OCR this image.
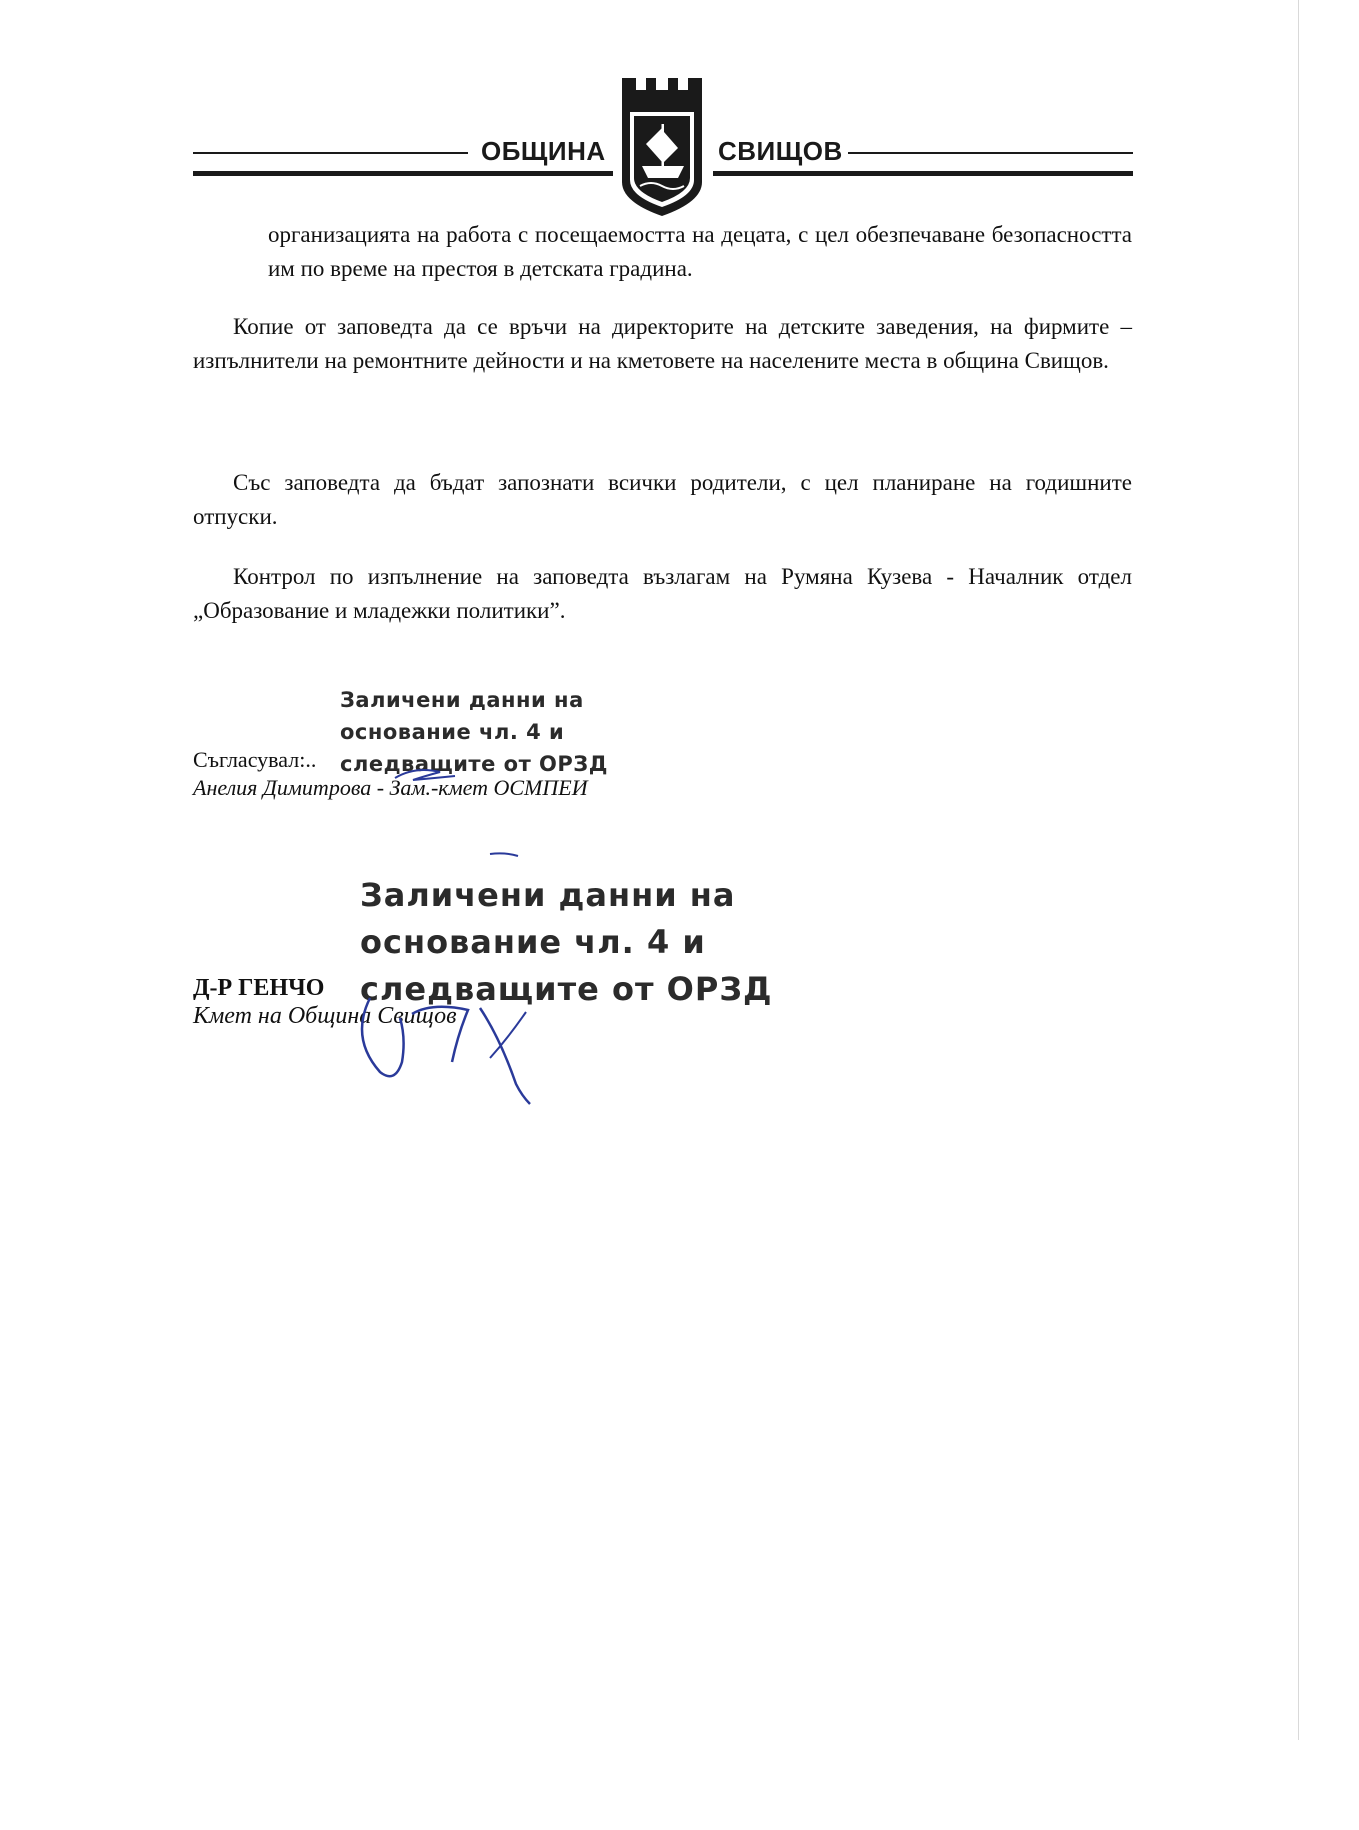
ОБЩИНА	СВИЩОВ
организацията на работа с посещаемостта на децата, с цел обезпечаване безопасността им по време на престоя в детската градина.
Копие от заповедта да се връчи на директорите на детските заведения, на фирмите – изпълнители на ремонтните дейности и на кметовете на населените места в община Свищов.
Със заповедта да бъдат запознати всички родители, с цел планиране на годишните отпуски.
Контрол по изпълнение на заповедта възлагам на Румяна Кузева - Началник отдел „Образование и младежки политики”.
Заличени данни на
основание чл. 4 и
следващите от ОРЗД
Съгласувал:..
Анелия Димитрова - Зам.-кмет ОСМПЕИ
Заличени данни на
основание чл. 4 и
следващите от ОРЗД
Д-Р ГЕНЧО
Кмет на Община Свищов
